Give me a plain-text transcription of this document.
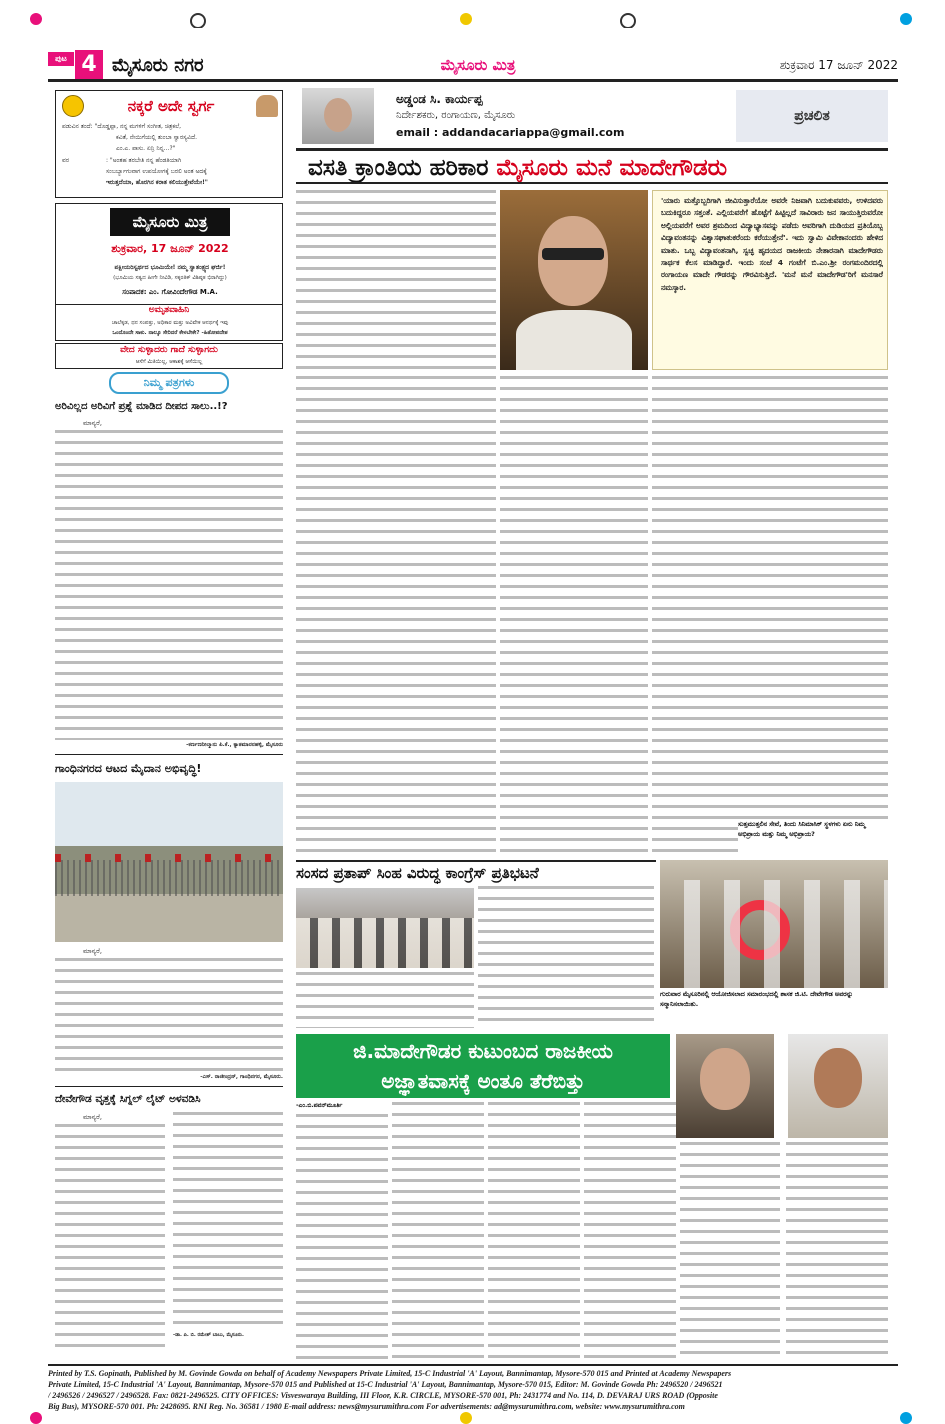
ಪುಟ 4 ಮೈಸೂರು ನಗರ	ಮೈಸೂರು ಮಿತ್ರ	ಶುಕ್ರವಾರ 17 ಜೂನ್ 2022
ನಕ್ಕರೆ ಅದೇ ಸ್ವರ್ಗ
ಪಡುವಿನ ತಂದೆ: "ದೊಡ್ಡಪ್ಪಾ, ನನ್ನ ಮಗಳಿಗೆ ಸಂಗೀತ, ಚಿತ್ರಕಲೆ,
ಕವಿತೆ, ನೇಯಿಗೆಯಲ್ಲಿ ತುಂಬಾ ಸ್ವಾರಸ್ಯವಿದೆ.
ಎಂ.ಎ. ಪಾಸು. ಏನ್ರಿ ನಿನ್ನ...?"
ವರ	: "ಅಂತಹ ತರಬೇತಿ ನನ್ನ ಹೆಂಡತಿಯಾಗಿ
ಸಂಬರ್ಬ್ಯಾಗುವಾಗ ಉಪಯೋಗಕ್ಕೆ ಬರಲಿ ಅಂತ ಅದಕ್ಕೆ
ಇರುತ್ತದೆಯಾ, ಹೊರಗಿನ ಕರಾತ ಕಲಿಯುತ್ತೇವೆಯೇ!"
ಮೈಸೂರು ಮಿತ್ರ
ಶುಕ್ರವಾರ, 17 ಜೂನ್ 2022
ಪಕ್ಷೀಯರಿಸ್ವರ್ಥದ ಭೂಮಿಯೇ! ನಮ್ಮ ಸ್ವಾತಂತ್ರ್ಯದ ಘರ್ಜಿ!
(ಭೂಮಿಯ ಸತ್ವದ ಹೀಗೇ ನೀವಿಡಿ, ಸಕ್ಕರತಿಕ್ ವಿಶಿಷ್ಠತ ಭಿರಾಗಿದ್ದು)
ಸಂಪಾದಕ: ಎಂ. ಗೋವಿಂದೇಗೌಡ M.A.
ಅಮೃತವಾಹಿನಿ
ಚಾಲೆಕ್ಕಡ, ಥನ ಸಂಪತ್ತು, ಅಧಿಕಾರ ಮತ್ತು ಅವಿವೇಕ ಆನರ್ಥಕ್ಕೆ ಇವು
ಒಂದೊಂದೇ ಸಾಕು. ನಾಲ್ಕೂ ಸೇರಿದರೆ ಕೇಳಬೇಕೇ? -ಹಿತೋಪದೇಶ
ವೇದ ಸುಳ್ಳಾದರು ಗಾದೆ ಸುಳ್ಳಾಗದು
ಆಸೆಗೆ ಮಿತಿಯಿಲ್ಲ, ಆಕಾಶಕ್ಕೆ ಆಸೆಯಿಲ್ಲ
ನಿಮ್ಮ ಪತ್ರಗಳು
ಅರಿವಿಲ್ಲದ ಅರಿವಿಗೆ ಪ್ರಶ್ನೆ ಮಾಡಿದ ದೀಪದ ಸಾಲು..!?
ಮಾನ್ಯರೆ,
-ಕರ್ಣಣನೀಲ್ಮಾನು ಪಿ.ಕೆ., ಕ್ಯಾತಮಾರನಹಳ್ಳಿ, ಮೈಸೂರು
ಗಾಂಧಿನಗರದ ಆಟದ ಮೈದಾನ ಅಭಿವೃದ್ಧಿ!
ಮಾನ್ಯರೆ,
-ಎಸ್. ರಾಜೀಂದ್ರನ್, ಗಾಂಧಿನಗರ, ಮೈಸೂರು.
ದೇವೇಗೌಡ ವೃತ್ತಕ್ಕೆ ಸಿಗ್ನಲ್ ಲೈಟ್ ಅಳವಡಿಸಿ
ಮಾನ್ಯರೆ,
-ಡಾ. ಪಿ. ಬಿ. ರಮೇಶ್ ಬಾಬು, ಮೈಸೂರು.
ಅಡ್ಡಂಡ ಸಿ. ಕಾರ್ಯಪ್ಪ
ನಿರ್ದೇಶಕರು, ರಂಗಾಯಣ, ಮೈಸೂರು
email : addandacariappa@gmail.com
ಪ್ರಚಲಿತ
ವಸತಿ ಕ್ರಾಂತಿಯ ಹರಿಕಾರ ಮೈಸೂರು ಮನೆ ಮಾದೇಗೌಡರು
'ಯಾರು ಮತ್ತೊಬ್ಬರಿಗಾಗಿ ಜೀವಿಸುತ್ತಾರೆಯೋ ಅವರೇ ನಿಜವಾಗಿ ಬದುಕುವವರು, ಉಳಿದವರು ಬದುಕಿದ್ದರೂ ಸತ್ತಂತೆ. ಎಲ್ಲಿಯವರೆಗೆ ಹೊಟ್ಟೆಗೆ ಹಿಟ್ಟಿಲ್ಲದೆ ಸಾವಿರಾರು ಜನ ಸಾಯುತ್ತಿರುವರೋ ಅಲ್ಲಿಯವರೆಗೆ ಅವರ ಶ್ರಮದಿಂದ ವಿದ್ಯಾಭ್ಯಾಸವನ್ನು ಪಡೆದು ಅವರಿಗಾಗಿ ದುಡಿಯದ ಪ್ರತಿಯೊಬ್ಬ ವಿದ್ಯಾವಂತನನ್ನು ವಿಶ್ವಾಸಘಾತುಕರೆಂದು ಕರೆಯುತ್ತೇನೆ'. ಇದು ಸ್ವಾಮಿ ವಿವೇಕಾನಂದರು ಹೇಳಿದ ಮಾತು. ಒಬ್ಬ ವಿದ್ಯಾವಂತನಾಗಿ, ಸ್ವಚ್ಛ ಹೃದಯದ ರಾಜಕೀಯ ನೇತಾರನಾಗಿ ಮಾದೇಗೌಡರು ಸಾರ್ಥಕ ಕೆಲಸ ಮಾಡಿದ್ದಾರೆ. ಇಂದು ಸಂಜೆ 4 ಗಂಟೆಗೆ ಬಿ.ಎಂ.ಶ್ರೀ ರಂಗಮಂದಿರದಲ್ಲಿ ರಂಗಾಯಣ ಮಾದೇ ಗೌಡರನ್ನು ಗೌರವಿಸುತ್ತಿದೆ. 'ಮನೆ ಮನೆ ಮಾದೇಗೌಡ'ರಿಗೆ ಮನಸಾರೆ ನಮಸ್ಕಾರ.
ಸುತ್ತಮುತ್ತಲಿನ ಸೇವೆ, ತಿಂದು ಸಿನಿಮಾಸಿಕ್ ಸ್ಥಳಗಳು ಏನು ನಿಮ್ಮ ಅಭಿಪ್ರಾಯ ಮತ್ತು ನಿಮ್ಮ ಅಭಿಪ್ರಾಯ?
ಸಂಸದ ಪ್ರತಾಪ್ ಸಿಂಹ ವಿರುದ್ಧ ಕಾಂಗ್ರೆಸ್ ಪ್ರತಿಭಟನೆ
ಗುರುವಾರ ಮೈಸೂರಿನಲ್ಲಿ ಆಯೋಜಿಸಲಾದ ಸಮಾರಂಭದಲ್ಲಿ ಶಾಸಕ ಜಿ.ಟಿ. ದೇವೇಗೌಡ ಅವರನ್ನು ಸನ್ಮಾನಿಸಲಾಯಿತು.
ಜಿ.ಮಾದೇಗೌಡರ ಕುಟುಂಬದ ರಾಜಕೀಯ
ಅಜ್ಞಾತವಾಸಕ್ಕೆ ಅಂತೂ ತೆರೆಬಿತ್ತು
-ಎಂ.ಬಿ.ಪವನ್‌ಮೂರ್ತಿ
Printed by T.S. Gopinath, Published by M. Govinde Gowda on behalf of Academy Newspapers Private Limited, 15-C Industrial 'A' Layout, Bannimantap, Mysore-570 015 and Printed at Academy Newspapers
Private Limited, 15-C Industrial 'A' Layout, Bannimantap, Mysore-570 015 and Published at 15-C Industrial 'A' Layout, Bannimantap, Mysore-570 015, Editor: M. Govinde Gowda Ph: 2496520 / 2496521
/ 2496526 / 2496527 / 2496528. Fax: 0821-2496525. CITY OFFICES: Visveswaraya Building, III Floor, K.R. CIRCLE, MYSORE-570 001, Ph: 2431774 and No. 114, D. DEVARAJ URS ROAD (Opposite
Big Bus), MYSORE-570 001. Ph: 2428695. RNI Reg. No. 36581 / 1980 E-mail address: news@mysurumithra.com For advertisements: ad@mysurumithra.com, website: www.mysurumithra.com
